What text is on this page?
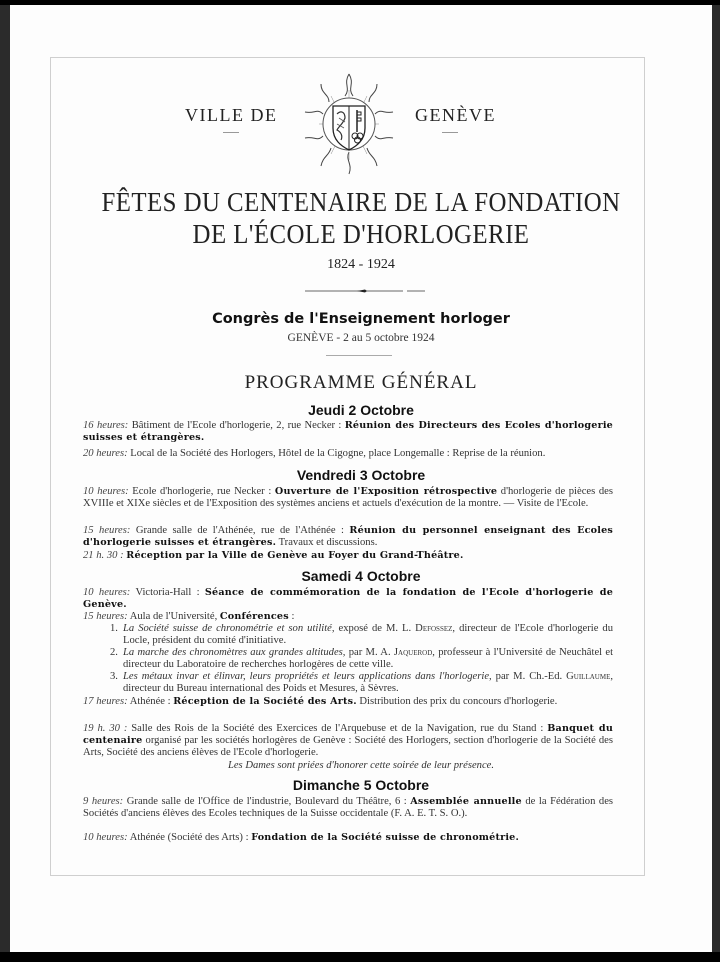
VILLE DE	GENÈVE
FÊTES DU CENTENAIRE DE LA FONDATION
DE L'ÉCOLE D'HORLOGERIE
1824 - 1924
Congrès de l'Enseignement horloger
GENÈVE - 2 au 5 octobre 1924
PROGRAMME GÉNÉRAL
Jeudi 2 Octobre
16 heures: Bâtiment de l'Ecole d'horlogerie, 2, rue Necker : Réunion des Directeurs des Ecoles d'horlogerie suisses et étrangères.
20 heures: Local de la Société des Horlogers, Hôtel de la Cigogne, place Longemalle : Reprise de la réunion.
Vendredi 3 Octobre
10 heures: Ecole d'horlogerie, rue Necker : Ouverture de l'Exposition rétrospective d'horlogerie de pièces des XVIIIe et XIXe siècles et de l'Exposition des systèmes anciens et actuels d'exécution de la montre. — Visite de l'Ecole.
15 heures: Grande salle de l'Athénée, rue de l'Athénée : Réunion du personnel enseignant des Ecoles d'horlogerie suisses et étrangères. Travaux et discussions.
21 h. 30 : Réception par la Ville de Genève au Foyer du Grand-Théâtre.
Samedi 4 Octobre
10 heures: Victoria-Hall : Séance de commémoration de la fondation de l'Ecole d'horlogerie de Genève.
15 heures: Aula de l'Université, Conférences :
1. La Société suisse de chronométrie et son utilité, exposé de M. L. Defossez, directeur de l'Ecole d'horlogerie du Locle, président du comité d'initiative.
2. La marche des chronomètres aux grandes altitudes, par M. A. Jaquerod, professeur à l'Université de Neuchâtel et directeur du Laboratoire de recherches horlogères de cette ville.
3. Les métaux invar et élinvar, leurs propriétés et leurs applications dans l'horlogerie, par M. Ch.-Ed. Guillaume, directeur du Bureau international des Poids et Mesures, à Sèvres.
17 heures: Athénée : Réception de la Société des Arts. Distribution des prix du concours d'horlogerie.
19 h. 30 : Salle des Rois de la Société des Exercices de l'Arquebuse et de la Navigation, rue du Stand : Banquet du centenaire organisé par les sociétés horlogères de Genève : Société des Horlogers, section d'horlogerie de la Société des Arts, Société des anciens élèves de l'Ecole d'horlogerie.
Les Dames sont priées d'honorer cette soirée de leur présence.
Dimanche 5 Octobre
9 heures: Grande salle de l'Office de l'industrie, Boulevard du Théâtre, 6 : Assemblée annuelle de la Fédération des Sociétés d'anciens élèves des Ecoles techniques de la Suisse occidentale (F. A. E. T. S. O.).
10 heures: Athénée (Société des Arts) : Fondation de la Société suisse de chronométrie.
